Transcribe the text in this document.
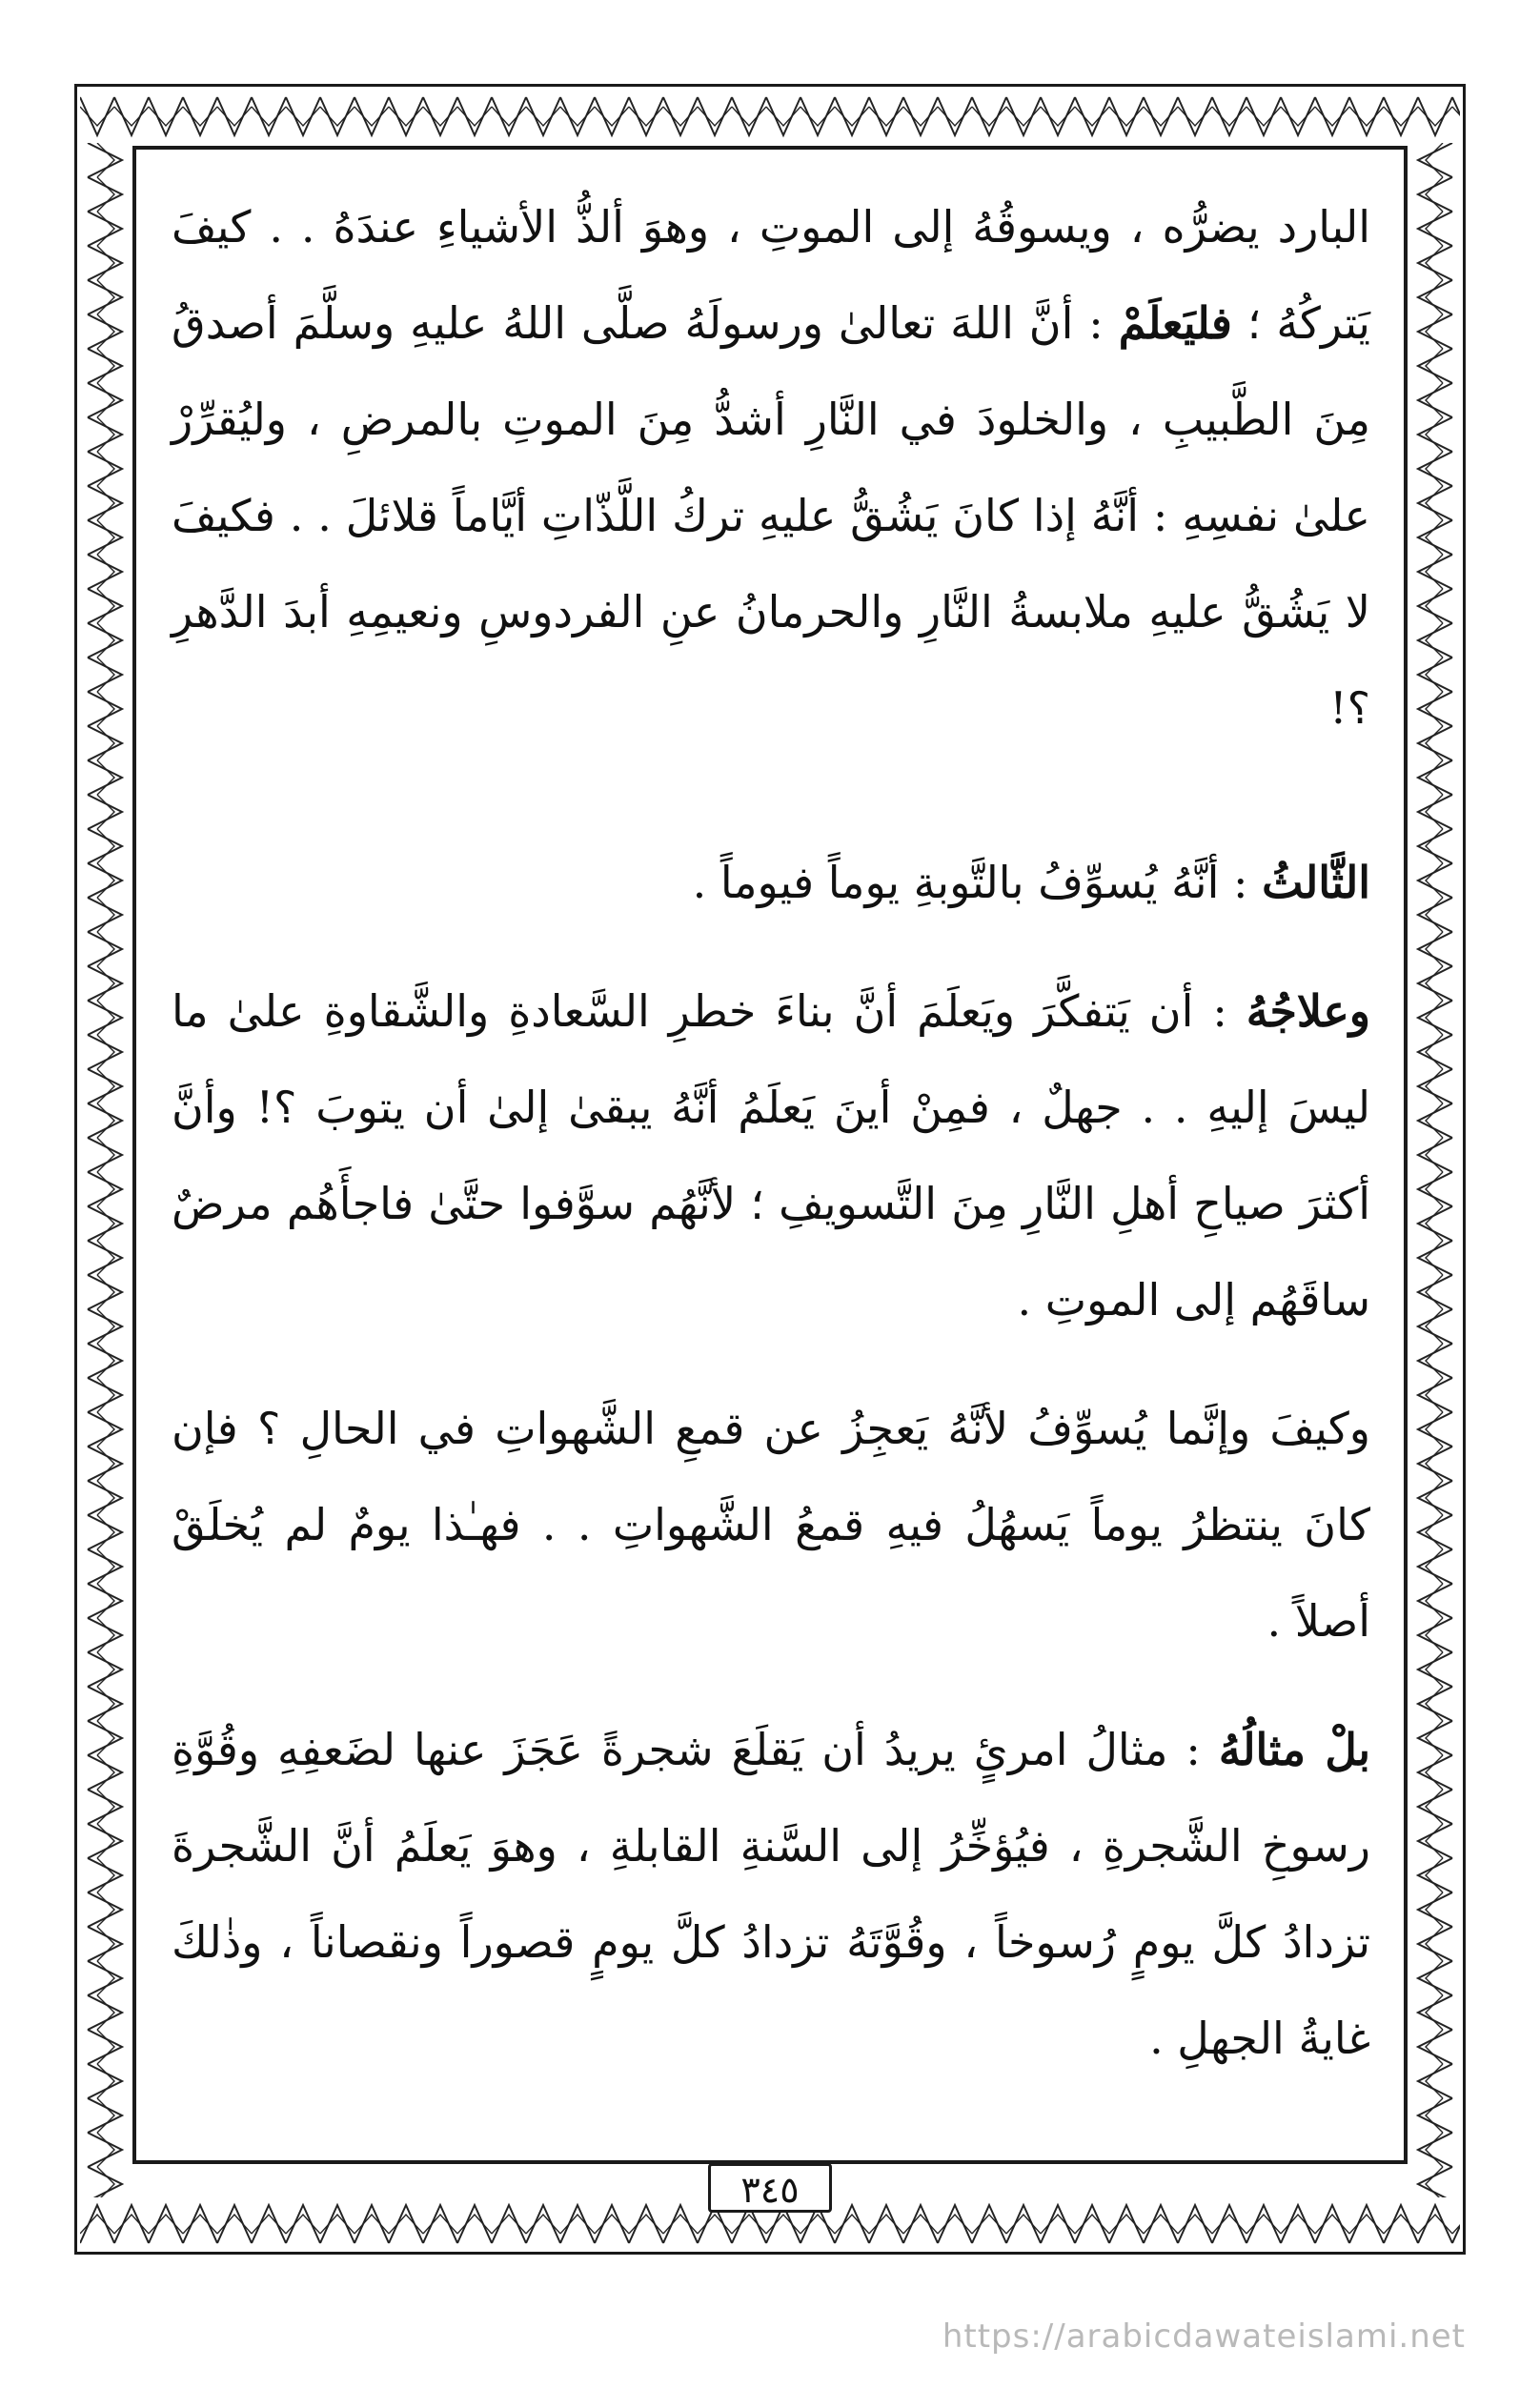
البارد يضرُّه ، ويسوقُهُ إلى الموتِ ، وهوَ ألذُّ الأشياءِ عندَهُ . . كيفَ يَتركُهُ ؛ فليَعلَمْ : أنَّ اللهَ تعالىٰ ورسولَهُ صلَّى اللهُ عليهِ وسلَّمَ أصدقُ مِنَ الطَّبيبِ ، والخلودَ في النَّارِ أشدُّ مِنَ الموتِ بالمرضِ ، وليُقرِّرْ علىٰ نفسِهِ : أنَّهُ إذا كانَ يَشُقُّ عليهِ تركُ اللَّذّاتِ أيَّاماً قلائلَ . . فكيفَ لا يَشُقُّ عليهِ ملابسةُ النَّارِ والحرمانُ عنِ الفردوسِ ونعيمِهِ أبدَ الدَّهرِ ؟!

الثَّالثُ : أنَّهُ يُسوِّفُ بالتَّوبةِ يوماً فيوماً .

وعلاجُهُ : أن يَتفكَّرَ ويَعلَمَ أنَّ بناءَ خطرِ السَّعادةِ والشَّقاوةِ علىٰ ما ليسَ إليهِ . . جهلٌ ، فمِنْ أينَ يَعلَمُ أنَّهُ يبقىٰ إلىٰ أن يتوبَ ؟! وأنَّ أكثرَ صياحِ أهلِ النَّارِ مِنَ التَّسويفِ ؛ لأنَّهُم سوَّفوا حتَّىٰ فاجأَهُم مرضٌ ساقَهُم إلى الموتِ .

وكيفَ وإنَّما يُسوِّفُ لأنَّهُ يَعجِزُ عن قمعِ الشَّهواتِ في الحالِ ؟ فإن كانَ ينتظرُ يوماً يَسهُلُ فيهِ قمعُ الشَّهواتِ . . فهـٰذا يومٌ لم يُخلَقْ أصلاً .

بلْ مثالُهُ : مثالُ امرئٍ يريدُ أن يَقلَعَ شجرةً عَجَزَ عنها لضَعفِهِ وقُوَّةِ رسوخِ الشَّجرةِ ، فيُؤخِّرُ إلى السَّنةِ القابلةِ ، وهوَ يَعلَمُ أنَّ الشَّجرةَ تزدادُ كلَّ يومٍ رُسوخاً ، وقُوَّتَهُ تزدادُ كلَّ يومٍ قصوراً ونقصاناً ، وذٰلكَ غايةُ الجهلِ .

٣٤٥
https://arabicdawateislami.net
